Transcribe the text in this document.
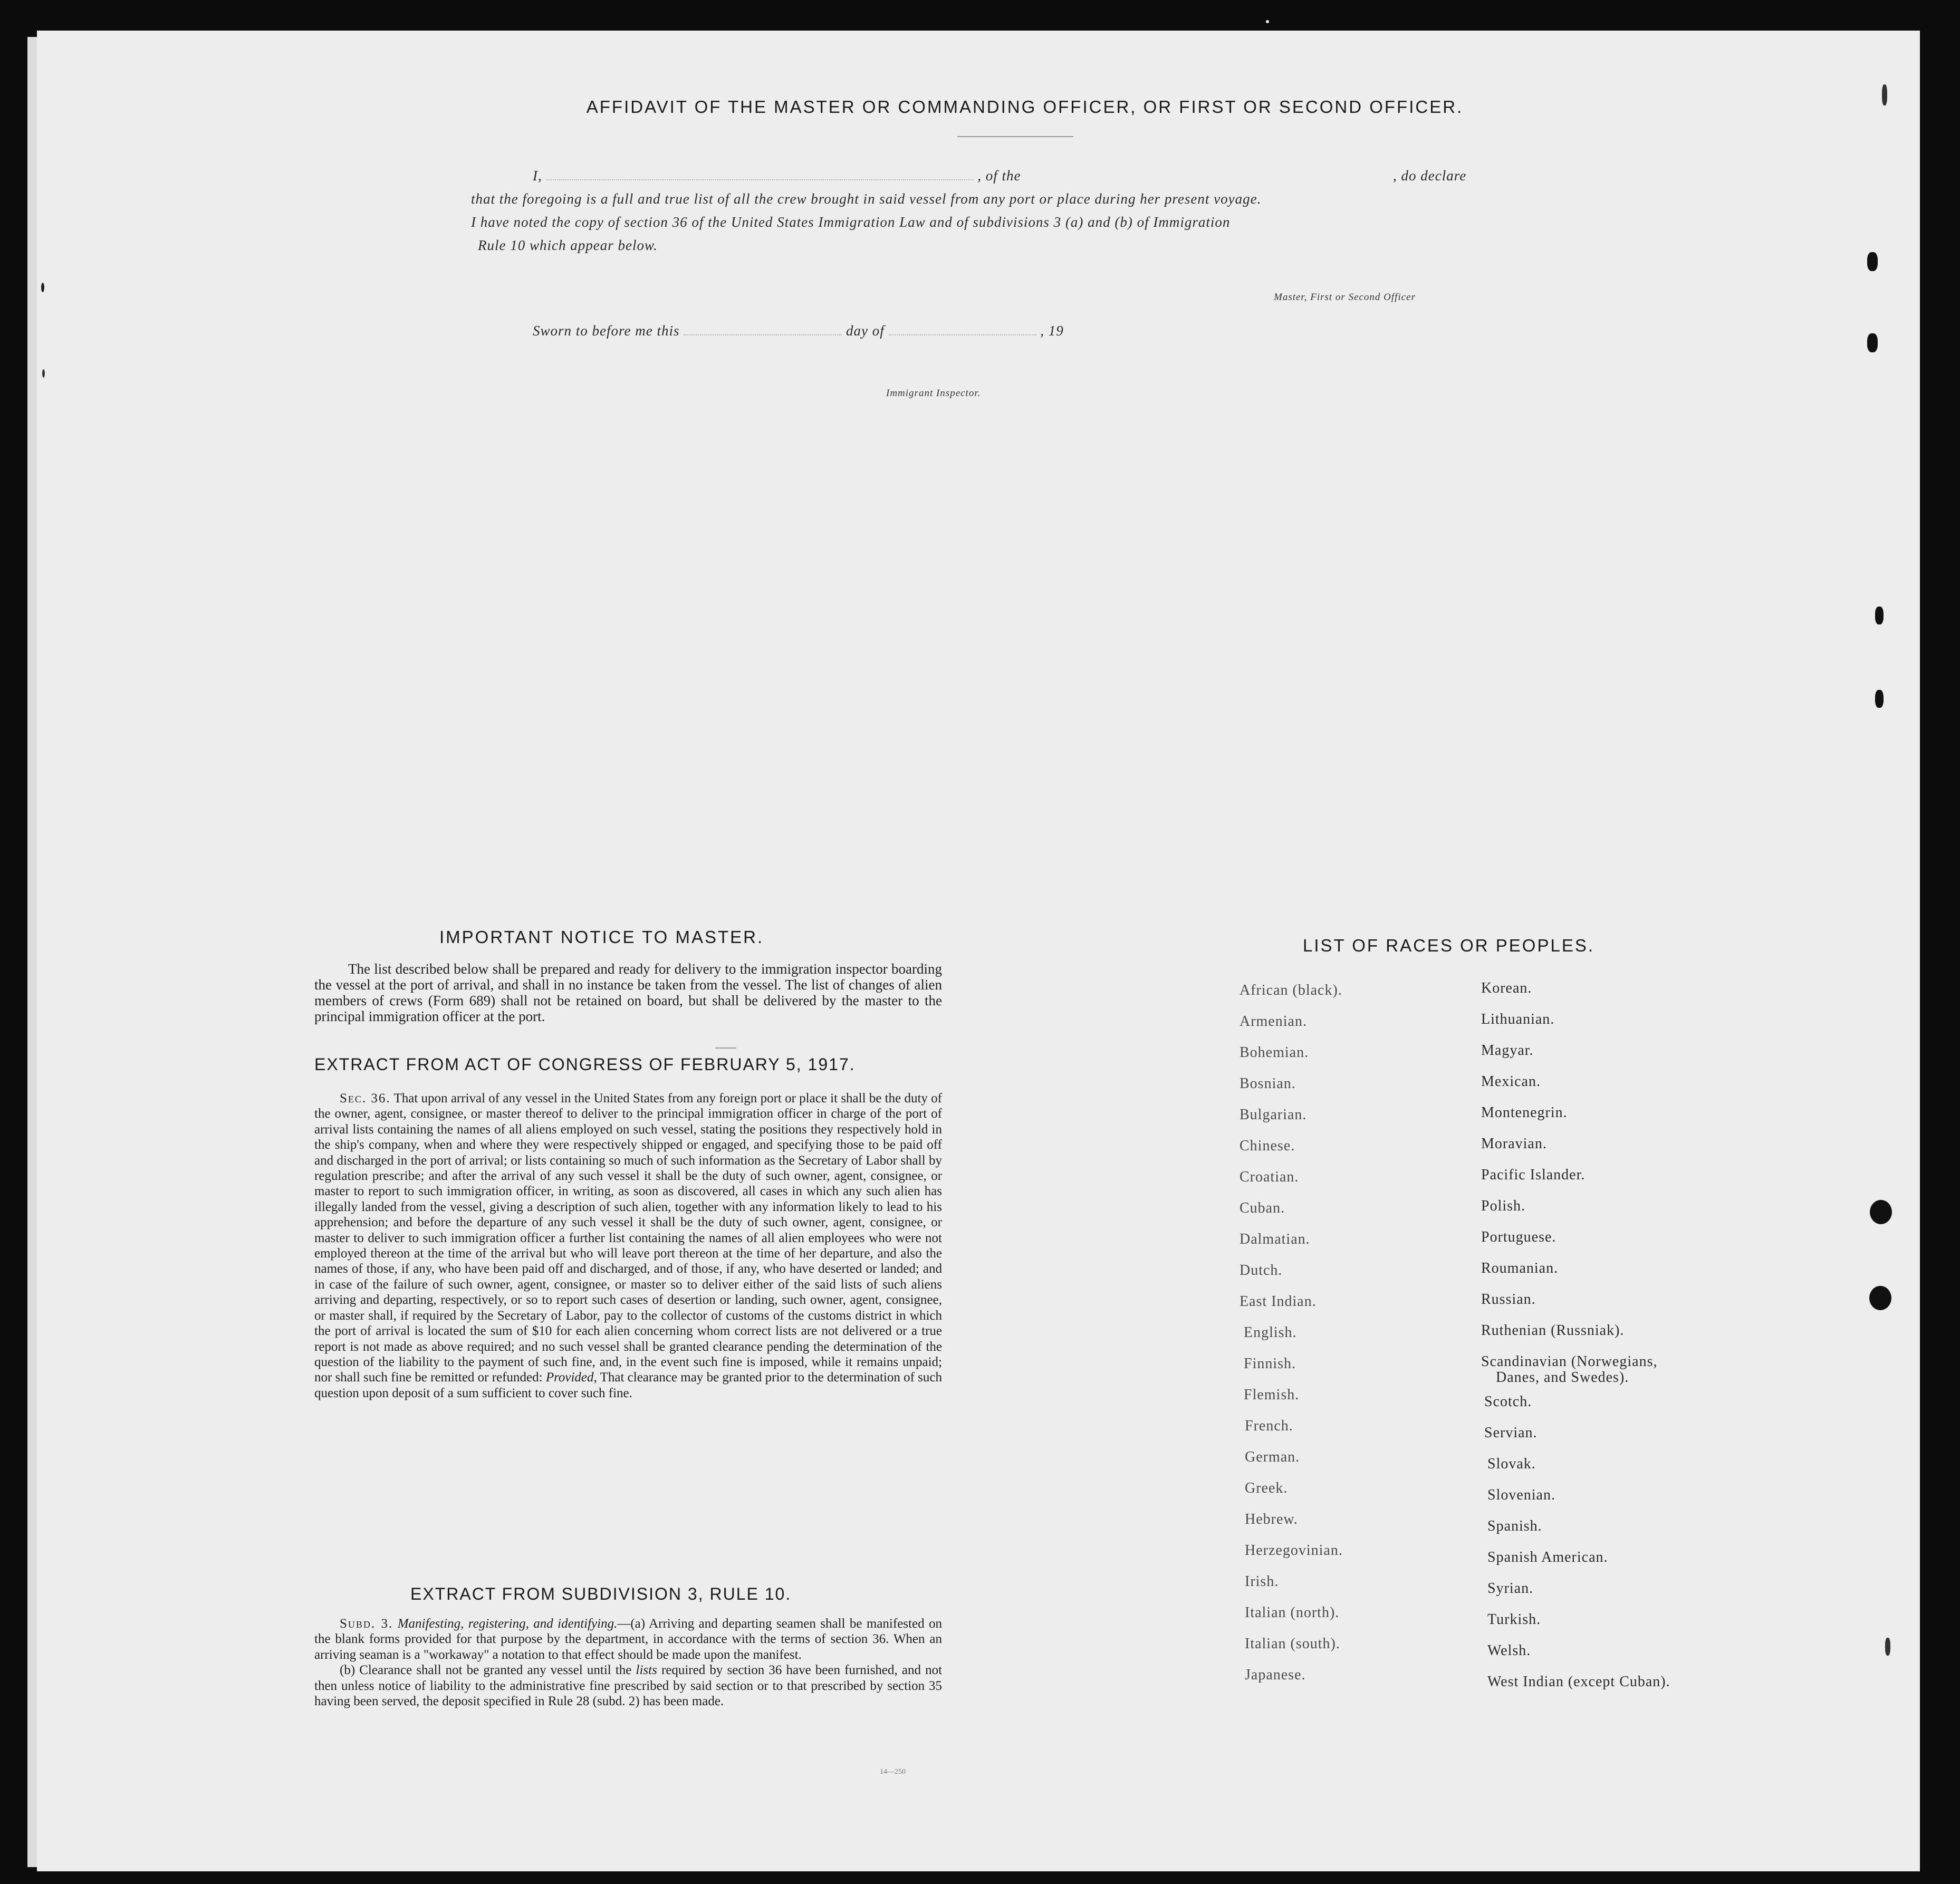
AFFIDAVIT OF THE MASTER OR COMMANDING OFFICER, OR FIRST OR SECOND OFFICER.
I,	, of the	, do declare
that the foregoing is a full and true list of all the crew brought in said vessel from any port or place during her present voyage.
I have noted the copy of section 36 of the United States Immigration Law and of subdivisions 3 (a) and (b) of Immigration
Rule 10 which appear below.
Master, First or Second Officer
Sworn to before me this	day of	, 19
Immigrant Inspector.
IMPORTANT NOTICE TO MASTER.

The list described below shall be prepared and ready for delivery to the immigration inspector boarding the vessel at the port of arrival, and shall in no instance be taken from the vessel. The list of changes of alien members of crews (Form 689) shall not be retained on board, but shall be delivered by the master to the principal immigration officer at the port.

EXTRACT FROM ACT OF CONGRESS OF FEBRUARY 5, 1917.

Sec. 36. That upon arrival of any vessel in the United States from any foreign port or place it shall be the duty of the owner, agent, consignee, or master thereof to deliver to the principal immigration officer in charge of the port of arrival lists containing the names of all aliens employed on such vessel, stating the positions they respectively hold in the ship's company, when and where they were respectively shipped or engaged, and specifying those to be paid off and discharged in the port of arrival; or lists containing so much of such information as the Secretary of Labor shall by regulation prescribe; and after the arrival of any such vessel it shall be the duty of such owner, agent, consignee, or master to report to such immigration officer, in writing, as soon as discovered, all cases in which any such alien has illegally landed from the vessel, giving a description of such alien, together with any information likely to lead to his apprehension; and before the departure of any such vessel it shall be the duty of such owner, agent, consignee, or master to deliver to such immigration officer a further list containing the names of all alien employees who were not employed thereon at the time of the arrival but who will leave port thereon at the time of her departure, and also the names of those, if any, who have been paid off and discharged, and of those, if any, who have deserted or landed; and in case of the failure of such owner, agent, consignee, or master so to deliver either of the said lists of such aliens arriving and departing, respectively, or so to report such cases of desertion or landing, such owner, agent, consignee, or master shall, if required by the Secretary of Labor, pay to the collector of customs of the customs district in which the port of arrival is located the sum of $10 for each alien concerning whom correct lists are not delivered or a true report is not made as above required; and no such vessel shall be granted clearance pending the determination of the question of the liability to the payment of such fine, and, in the event such fine is imposed, while it remains unpaid; nor shall such fine be remitted or refunded: Provided, That clearance may be granted prior to the determination of such question upon deposit of a sum sufficient to cover such fine.

EXTRACT FROM SUBDIVISION 3, RULE 10.

Subd. 3. Manifesting, registering, and identifying.—(a) Arriving and departing seamen shall be manifested on the blank forms provided for that purpose by the department, in accordance with the terms of section 36. When an arriving seaman is a "workaway" a notation to that effect should be made upon the manifest.

(b) Clearance shall not be granted any vessel until the lists required by section 36 have been furnished, and not then unless notice of liability to the administrative fine prescribed by said section or to that prescribed by section 35 having been served, the deposit specified in Rule 28 (subd. 2) has been made.

14—250
LIST OF RACES OR PEOPLES.
African (black).
Armenian.
Bohemian.
Bosnian.
Bulgarian.
Chinese.
Croatian.
Cuban.
Dalmatian.
Dutch.
East Indian.
English.
Finnish.
Flemish.
French.
German.
Greek.
Hebrew.
Herzegovinian.
Irish.
Italian (north).
Italian (south).
Japanese.
Korean.
Lithuanian.
Magyar.
Mexican.
Montenegrin.
Moravian.
Pacific Islander.
Polish.
Portuguese.
Roumanian.
Russian.
Ruthenian (Russniak).
Scandinavian (Norwegians,
Danes, and Swedes).
Scotch.
Servian.
Slovak.
Slovenian.
Spanish.
Spanish American.
Syrian.
Turkish.
Welsh.
West Indian (except Cuban).
